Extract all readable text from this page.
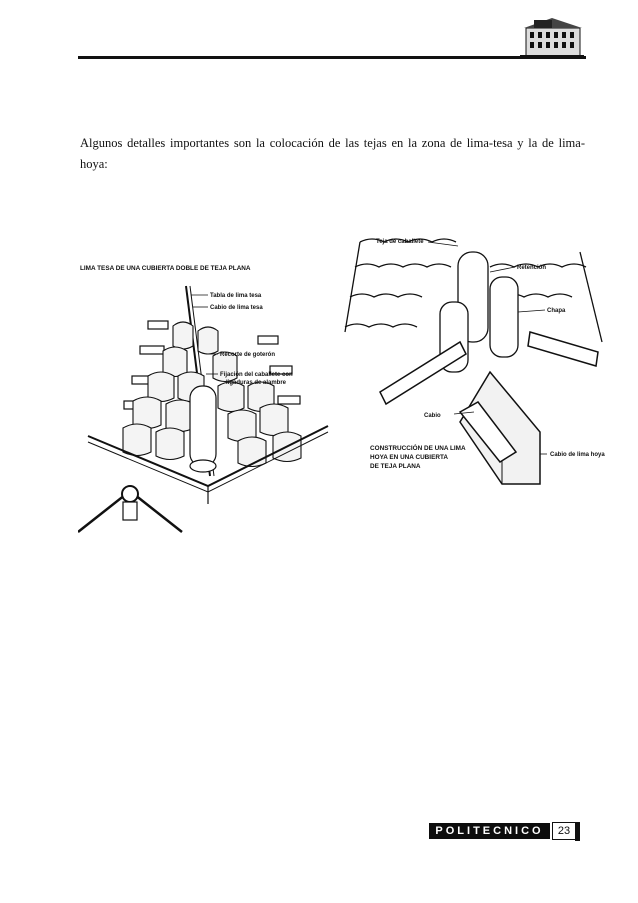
Algunos detalles importantes son la colocación de las tejas en la zona de lima-tesa y la de lima-hoya:

LIMA TESA DE UNA CUBIERTA DOBLE DE TEJA PLANA
Tabla de lima tesa
Cabio de lima tesa
Recorte de goterón
Fijación del caballete con
ligaduras de alambre
Teja de caballete
Retención
Chapa
Cabio
Cabio de lima hoya
CONSTRUCCIÓN DE UNA LIMA
HOYA EN UNA CUBIERTA
DE TEJA PLANA
POLITECNICO	23
